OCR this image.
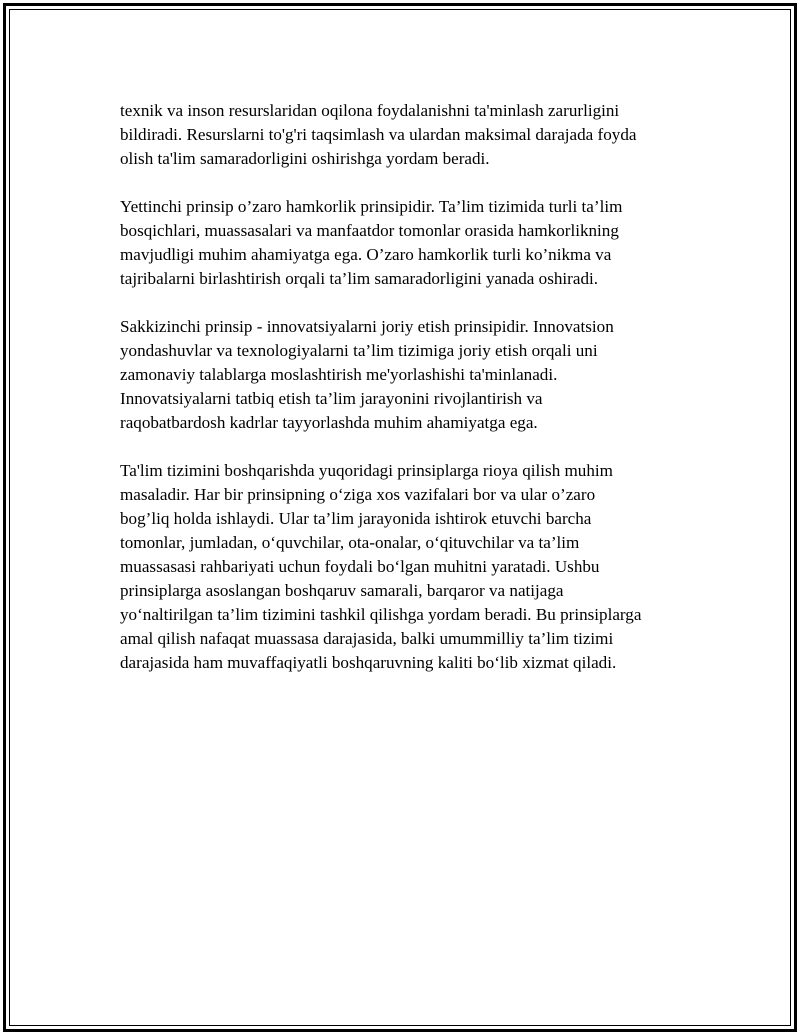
texnik va inson resurslaridan oqilona foydalanishni ta'minlash zarurligini
bildiradi. Resurslarni to'g'ri taqsimlash va ulardan maksimal darajada foyda
olish ta'lim samaradorligini oshirishga yordam beradi.

Yettinchi prinsip o’zaro hamkorlik prinsipidir. Ta’lim tizimida turli ta’lim
bosqichlari, muassasalari va manfaatdor tomonlar orasida hamkorlikning
mavjudligi muhim ahamiyatga ega. O’zaro hamkorlik turli ko’nikma va
tajribalarni birlashtirish orqali ta’lim samaradorligini yanada oshiradi.

Sakkizinchi prinsip - innovatsiyalarni joriy etish prinsipidir. Innovatsion
yondashuvlar va texnologiyalarni ta’lim tizimiga joriy etish orqali uni
zamonaviy talablarga moslashtirish me'yorlashishi ta'minlanadi.
Innovatsiyalarni tatbiq etish ta’lim jarayonini rivojlantirish va
raqobatbardosh kadrlar tayyorlashda muhim ahamiyatga ega.

Ta'lim tizimini boshqarishda yuqoridagi prinsiplarga rioya qilish muhim
masaladir. Har bir prinsipning o‘ziga xos vazifalari bor va ular o’zaro
bog’liq holda ishlaydi. Ular ta’lim jarayonida ishtirok etuvchi barcha
tomonlar, jumladan, o‘quvchilar, ota-onalar, o‘qituvchilar va ta’lim
muassasasi rahbariyati uchun foydali bo‘lgan muhitni yaratadi. Ushbu
prinsiplarga asoslangan boshqaruv samarali, barqaror va natijaga
yo‘naltirilgan ta’lim tizimini tashkil qilishga yordam beradi. Bu prinsiplarga
amal qilish nafaqat muassasa darajasida, balki umummilliy ta’lim tizimi
darajasida ham muvaffaqiyatli boshqaruvning kaliti bo‘lib xizmat qiladi.
